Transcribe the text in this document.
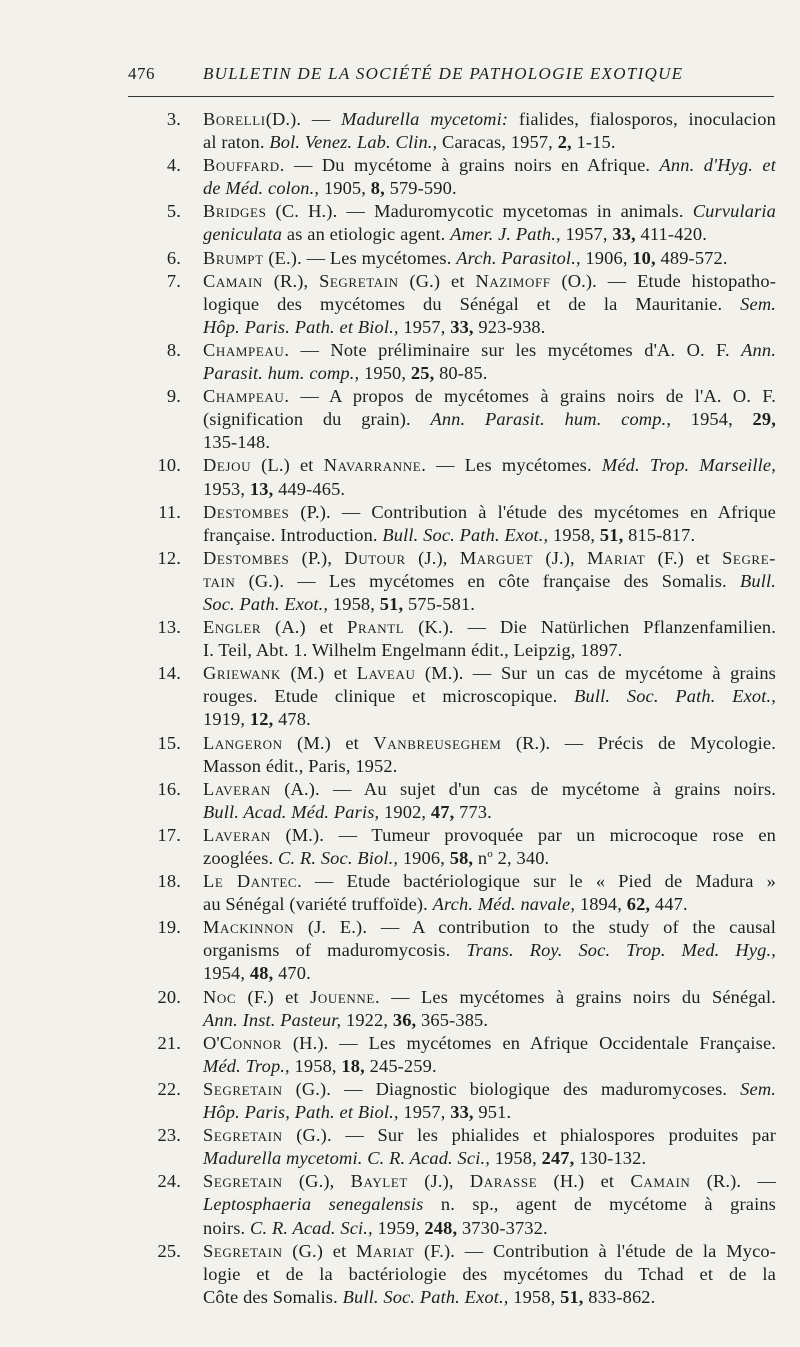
476	BULLETIN DE LA SOCIÉTÉ DE PATHOLOGIE EXOTIQUE
3. Borelli(D.). — Madurella mycetomi: fialides, fialosporos, inoculacion
al raton. Bol. Venez. Lab. Clin., Caracas, 1957, 2, 1-15.
4. Bouffard. — Du mycétome à grains noirs en Afrique. Ann. d'Hyg. et
de Méd. colon., 1905, 8, 579-590.
5. Bridges (C. H.). — Maduromycotic mycetomas in animals. Curvularia
geniculata as an etiologic agent. Amer. J. Path., 1957, 33, 411-420.
6. Brumpt (E.). — Les mycétomes. Arch. Parasitol., 1906, 10, 489-572.
7. Camain (R.), Segretain (G.) et Nazimoff (O.). — Etude histopatho-
logique des mycétomes du Sénégal et de la Mauritanie. Sem.
Hôp. Paris. Path. et Biol., 1957, 33, 923-938.
8. Champeau. — Note préliminaire sur les mycétomes d'A. O. F. Ann.
Parasit. hum. comp., 1950, 25, 80-85.
9. Champeau. — A propos de mycétomes à grains noirs de l'A. O. F.
(signification du grain). Ann. Parasit. hum. comp., 1954, 29,
135-148.
10. Dejou (L.) et Navarranne. — Les mycétomes. Méd. Trop. Marseille,
1953, 13, 449-465.
11. Destombes (P.). — Contribution à l'étude des mycétomes en Afrique
française. Introduction. Bull. Soc. Path. Exot., 1958, 51, 815-817.
12. Destombes (P.), Dutour (J.), Marguet (J.), Mariat (F.) et Segre-
tain (G.). — Les mycétomes en côte française des Somalis. Bull.
Soc. Path. Exot., 1958, 51, 575-581.
13. Engler (A.) et Prantl (K.). — Die Natürlichen Pflanzenfamilien.
I. Teil, Abt. 1. Wilhelm Engelmann édit., Leipzig, 1897.
14. Griewank (M.) et Laveau (M.). — Sur un cas de mycétome à grains
rouges. Etude clinique et microscopique. Bull. Soc. Path. Exot.,
1919, 12, 478.
15. Langeron (M.) et Vanbreuseghem (R.). — Précis de Mycologie.
Masson édit., Paris, 1952.
16. Laveran (A.). — Au sujet d'un cas de mycétome à grains noirs.
Bull. Acad. Méd. Paris, 1902, 47, 773.
17. Laveran (M.). — Tumeur provoquée par un microcoque rose en
zooglées. C. R. Soc. Biol., 1906, 58, $n^o$ 2, 340.
18. Le Dantec. — Etude bactériologique sur le « Pied de Madura »
au Sénégal (variété truffoïde). Arch. Méd. navale, 1894, 62, 447.
19. Mackinnon (J. E.). — A contribution to the study of the causal
organisms of maduromycosis. Trans. Roy. Soc. Trop. Med. Hyg.,
1954, 48, 470.
20. Noc (F.) et Jouenne. — Les mycétomes à grains noirs du Sénégal.
Ann. Inst. Pasteur, 1922, 36, 365-385.
21. O'Connor (H.). — Les mycétomes en Afrique Occidentale Française.
Méd. Trop., 1958, 18, 245-259.
22. Segretain (G.). — Diagnostic biologique des maduromycoses. Sem.
Hôp. Paris, Path. et Biol., 1957, 33, 951.
23. Segretain (G.). — Sur les phialides et phialospores produites par
Madurella mycetomi. C. R. Acad. Sci., 1958, 247, 130-132.
24. Segretain (G.), Baylet (J.), Darasse (H.) et Camain (R.). —
Leptosphaeria senegalensis n. sp., agent de mycétome à grains
noirs. C. R. Acad. Sci., 1959, 248, 3730-3732.
25. Segretain (G.) et Mariat (F.). — Contribution à l'étude de la Myco-
logie et de la bactériologie des mycétomes du Tchad et de la
Côte des Somalis. Bull. Soc. Path. Exot., 1958, 51, 833-862.
